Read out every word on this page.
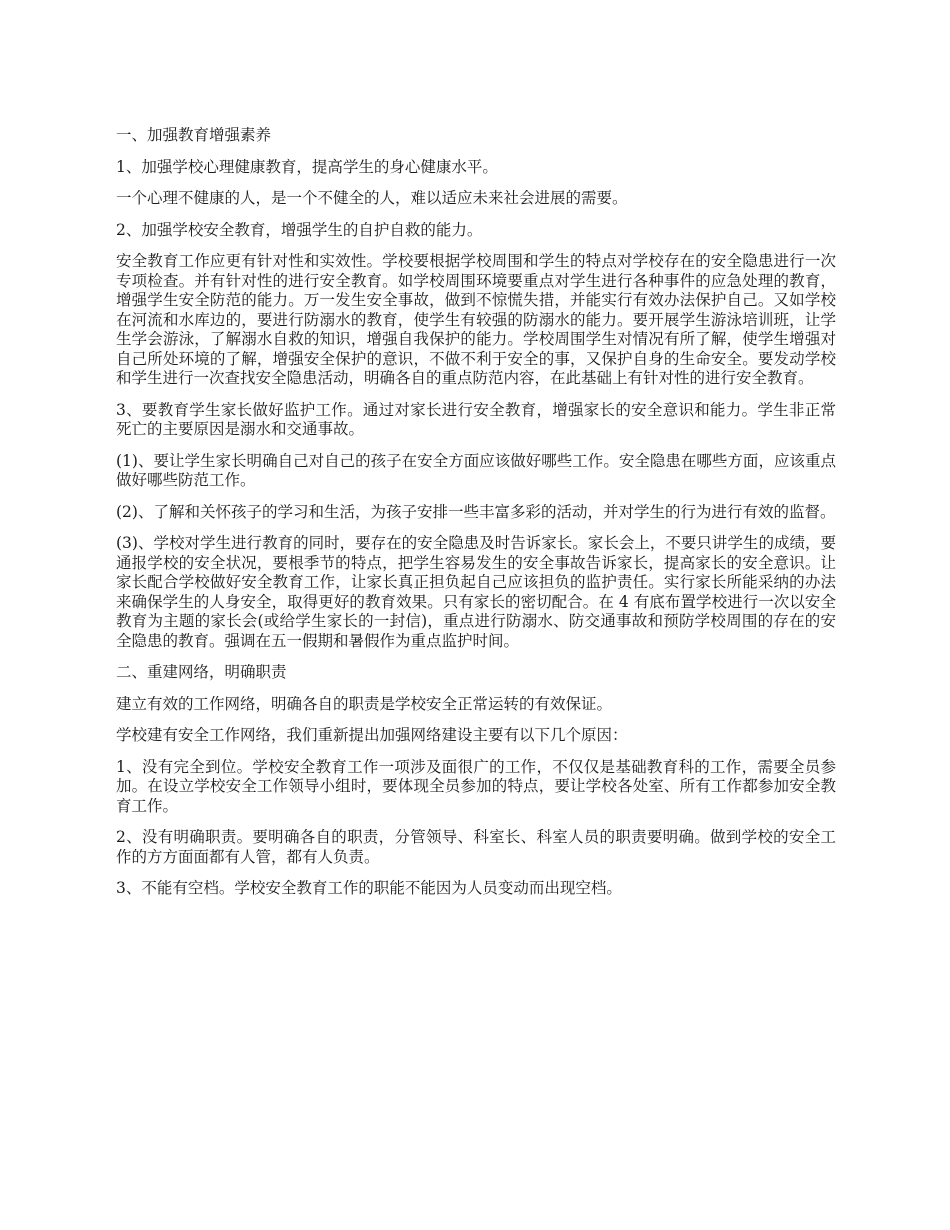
一、加强教育增强素养

1、加强学校心理健康教育，提高学生的身心健康水平。

一个心理不健康的人，是一个不健全的人，难以适应未来社会进展的需要。

2、加强学校安全教育，增强学生的自护自救的能力。

安全教育工作应更有针对性和实效性。学校要根据学校周围和学生的特点对学校存在的安全隐患进行一次专项检查。并有针对性的进行安全教育。如学校周围环境要重点对学生进行各种事件的应急处理的教育，增强学生安全防范的能力。万一发生安全事故，做到不惊慌失措，并能实行有效办法保护自己。又如学校在河流和水库边的，要进行防溺水的教育，使学生有较强的防溺水的能力。要开展学生游泳培训班，让学生学会游泳，了解溺水自救的知识，增强自我保护的能力。学校周围学生对情况有所了解，使学生增强对自己所处环境的了解，增强安全保护的意识，不做不利于安全的事，又保护自身的生命安全。要发动学校和学生进行一次查找安全隐患活动，明确各自的重点防范内容，在此基础上有针对性的进行安全教育。

3、要教育学生家长做好监护工作。通过对家长进行安全教育，增强家长的安全意识和能力。学生非正常死亡的主要原因是溺水和交通事故。

(1)、要让学生家长明确自己对自己的孩子在安全方面应该做好哪些工作。安全隐患在哪些方面，应该重点做好哪些防范工作。

(2)、了解和关怀孩子的学习和生活，为孩子安排一些丰富多彩的活动，并对学生的行为进行有效的监督。

(3)、学校对学生进行教育的同时，要存在的安全隐患及时告诉家长。家长会上，不要只讲学生的成绩，要通报学校的安全状况，要根季节的特点，把学生容易发生的安全事故告诉家长，提高家长的安全意识。让家长配合学校做好安全教育工作，让家长真正担负起自己应该担负的监护责任。实行家长所能采纳的办法来确保学生的人身安全，取得更好的教育效果。只有家长的密切配合。在 4 有底布置学校进行一次以安全教育为主题的家长会(或给学生家长的一封信)，重点进行防溺水、防交通事故和预防学校周围的存在的安全隐患的教育。强调在五一假期和暑假作为重点监护时间。

二、重建网络，明确职责

建立有效的工作网络，明确各自的职责是学校安全正常运转的有效保证。

学校建有安全工作网络，我们重新提出加强网络建设主要有以下几个原因：

1、没有完全到位。学校安全教育工作一项涉及面很广的工作，不仅仅是基础教育科的工作，需要全员参加。在设立学校安全工作领导小组时，要体现全员参加的特点，要让学校各处室、所有工作都参加安全教育工作。

2、没有明确职责。要明确各自的职责，分管领导、科室长、科室人员的职责要明确。做到学校的安全工作的方方面面都有人管，都有人负责。

3、不能有空档。学校安全教育工作的职能不能因为人员变动而出现空档。
